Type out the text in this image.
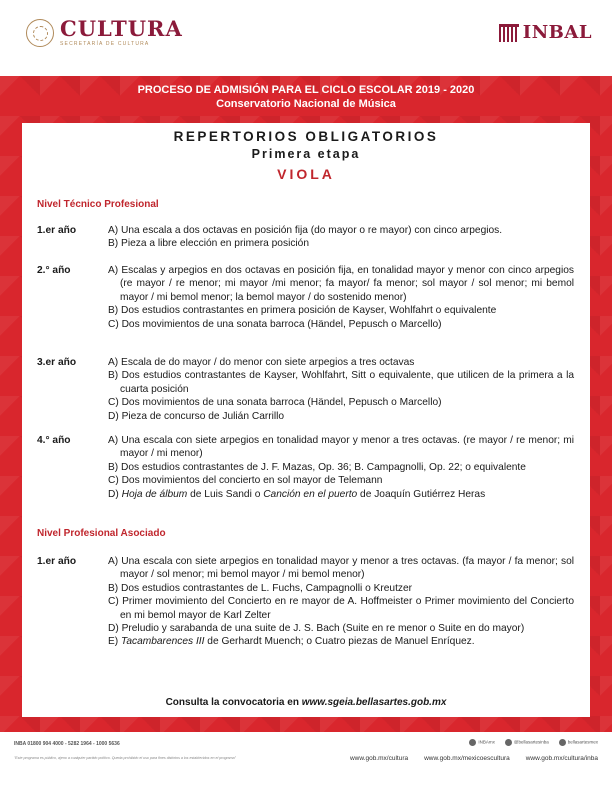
CULTURA
SECRETARÍA DE CULTURA
INBAL
PROCESO DE ADMISIÓN PARA EL CICLO ESCOLAR 2019 - 2020
Conservatorio Nacional de Música
REPERTORIOS OBLIGATORIOS
Primera etapa
VIOLA
Nivel Técnico Profesional
1.er año	A) Una escala a dos octavas en posición fija (do mayor o re mayor) con cinco arpegios.
B) Pieza a libre elección en primera posición
2.° año	A) Escalas y arpegios en dos octavas en posición fija, en tonalidad mayor y menor con cinco arpegios (re mayor / re menor; mi mayor /mi menor; fa mayor/ fa menor; sol mayor / sol menor; mi bemol mayor / mi bemol menor; la bemol mayor / do sostenido menor)
B) Dos estudios contrastantes en primera posición de Kayser, Wohlfahrt o equivalente
C) Dos movimientos de una sonata barroca (Händel, Pepusch o Marcello)
3.er año	A) Escala de do mayor / do menor con siete arpegios a tres octavas
B) Dos estudios contrastantes de Kayser, Wohlfahrt, Sitt o equivalente, que utilicen de la primera a la cuarta posición
C) Dos movimientos de una sonata barroca (Händel, Pepusch o Marcello)
D) Pieza de concurso de Julián Carrillo
4.° año	A) Una escala con siete arpegios en tonalidad mayor y menor a tres octavas. (re mayor / re menor; mi mayor / mi menor)
B) Dos estudios contrastantes de J. F. Mazas, Op. 36; B. Campagnolli, Op. 22; o equivalente
C) Dos movimientos del concierto en sol mayor de Telemann
D) Hoja de álbum de Luis Sandi o Canción en el puerto de Joaquín Gutiérrez Heras
Nivel Profesional Asociado
1.er año	A) Una escala con siete arpegios en tonalidad mayor y menor a tres octavas. (fa mayor / fa menor; sol mayor / sol menor; mi bemol mayor / mi bemol menor)
B) Dos estudios contrastantes de L. Fuchs, Campagnolli o Kreutzer
C) Primer movimiento del Concierto en re mayor de A. Hoffmeister o Primer movimiento del Concierto en mi bemol mayor de Karl Zelter
D) Preludio y sarabanda de una suite de J. S. Bach (Suite en re menor o Suite en do mayor)
E) Tacambarences III de Gerhardt Muench; o Cuatro piezas de Manuel Enríquez.
Consulta la convocatoria en www.sgeia.bellasartes.gob.mx
INBA 01800 904 4000 - 5282 1964 - 1000 5636
"Este programa es público, ajeno a cualquier partido político. Queda prohibido el uso para fines distintos a los establecidos en el programa"
INBAmx	@bellasartesinba	bellasartesmex
www.gob.mx/cultura www.gob.mx/mexicoescultura www.gob.mx/cultura/inba
